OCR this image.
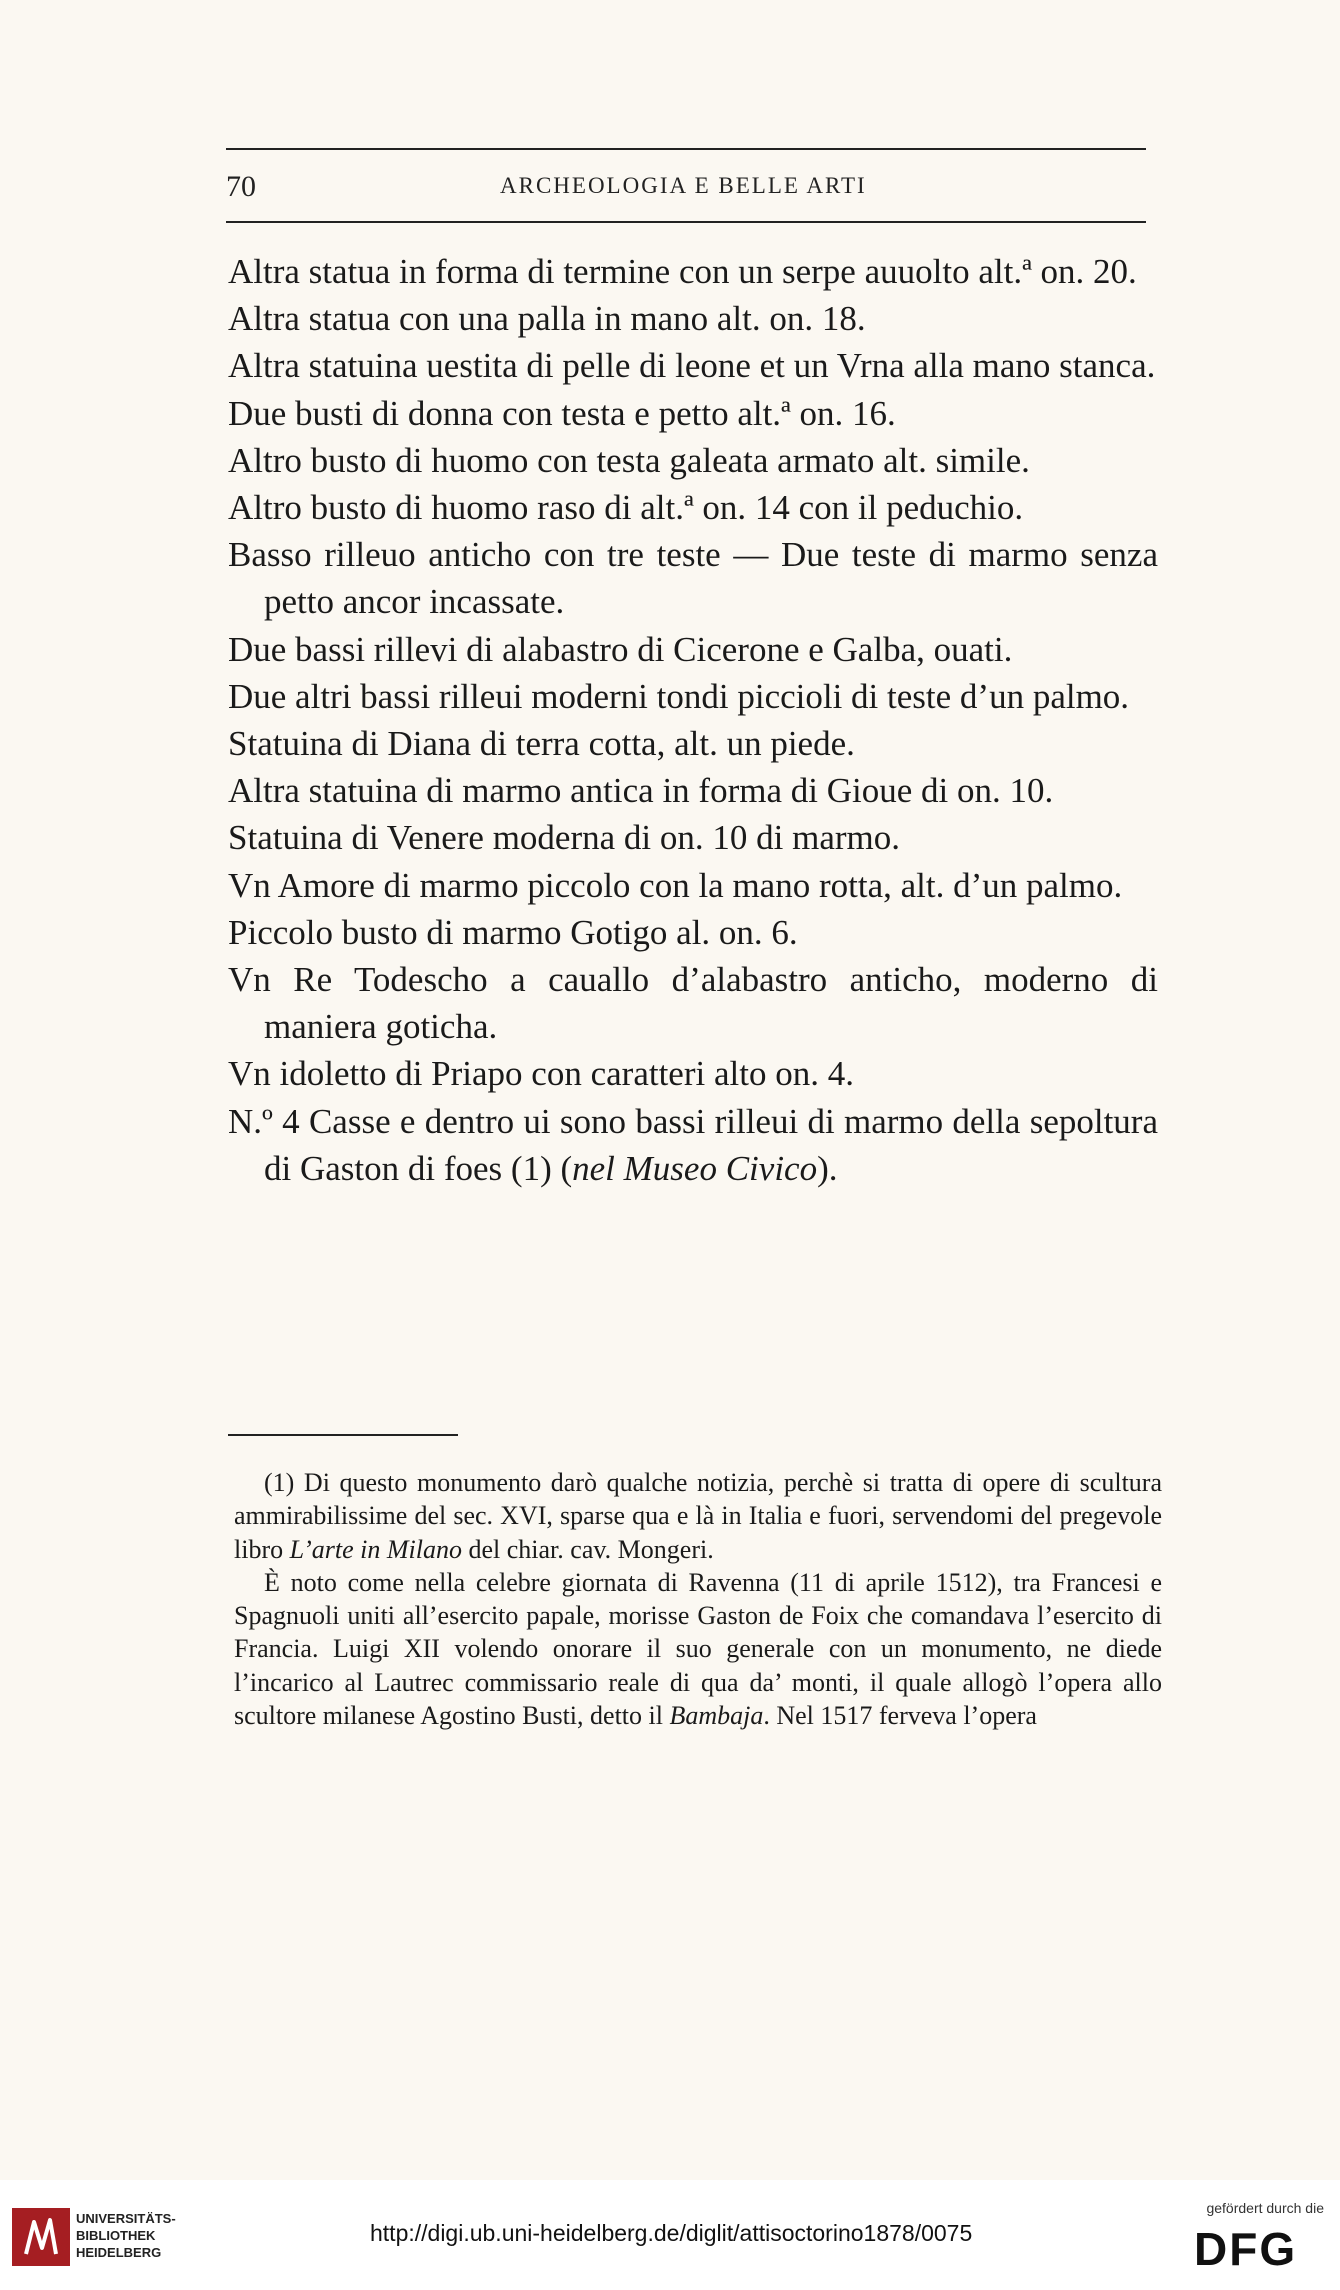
70	ARCHEOLOGIA E BELLE ARTI
Altra statua in forma di termine con un serpe auuolto alt.ª on. 20.
Altra statua con una palla in mano alt. on. 18.
Altra statuina uestita di pelle di leone et un Vrna alla mano stanca.
Due busti di donna con testa e petto alt.ª on. 16.
Altro busto di huomo con testa galeata armato alt. simile.
Altro busto di huomo raso di alt.ª on. 14 con il peduchio.
Basso rilleuo anticho con tre teste — Due teste di marmo senza petto ancor incassate.
Due bassi rillevi di alabastro di Cicerone e Galba, ouati.
Due altri bassi rilleui moderni tondi piccioli di teste d’un palmo.
Statuina di Diana di terra cotta, alt. un piede.
Altra statuina di marmo antica in forma di Gioue di on. 10.
Statuina di Venere moderna di on. 10 di marmo.
Vn Amore di marmo piccolo con la mano rotta, alt. d’un palmo.
Piccolo busto di marmo Gotigo al. on. 6.
Vn Re Todescho a cauallo d’alabastro anticho, moderno di maniera goticha.
Vn idoletto di Priapo con caratteri alto on. 4.
N.º 4 Casse e dentro ui sono bassi rilleui di marmo della sepoltura di Gaston di foes (1) (nel Museo Civico).

(1) Di questo monumento darò qualche notizia, perchè si tratta di opere di scultura ammirabilissime del sec. XVI, sparse qua e là in Italia e fuori, servendomi del pregevole libro L’arte in Milano del chiar. cav. Mongeri.

È noto come nella celebre giornata di Ravenna (11 di aprile 1512), tra Francesi e Spagnuoli uniti all’esercito papale, morisse Gaston de Foix che comandava l’esercito di Francia. Luigi XII volendo onorare il suo generale con un monumento, ne diede l’incarico al Lautrec commissario reale di qua da’ monti, il quale allogò l’opera allo scultore milanese Agostino Busti, detto il Bambaja. Nel 1517 ferveva l’opera

UNIVERSITÄTS-
BIBLIOTHEK
HEIDELBERG
http://digi.ub.uni-heidelberg.de/diglit/attisoctorino1878/0075
gefördert durch die
DFG
